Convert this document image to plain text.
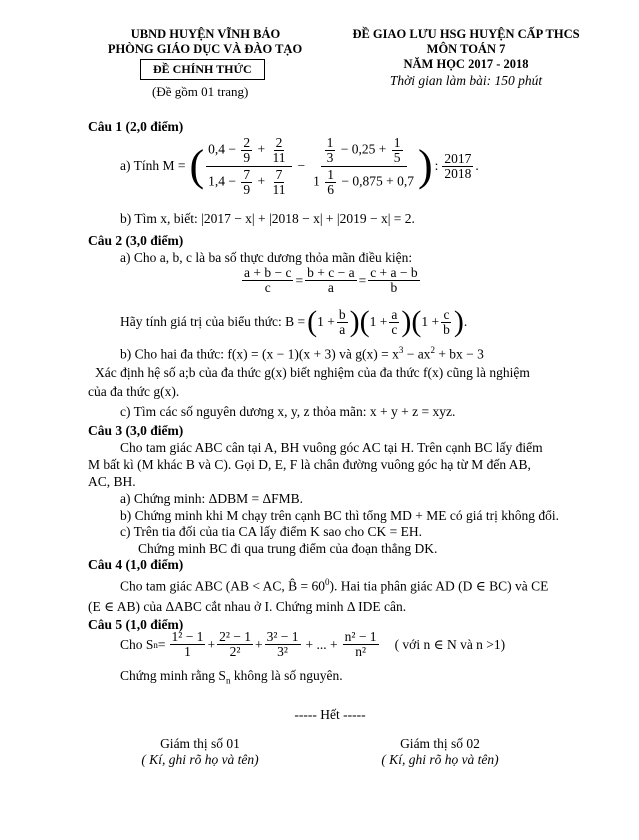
UBND HUYỆN VĨNH BẢO
PHÒNG GIÁO DỤC VÀ ĐÀO TẠO
ĐỀ CHÍNH THỨC
(Đề gồm 01 trang)
ĐỀ GIAO LƯU HSG HUYỆN CẤP THCS
MÔN TOÁN 7
NĂM HỌC 2017 - 2018
Thời gian làm bài: 150 phút
Câu 1 (2,0 điểm)
a) Tính M = ( $\frac{0,4 - \frac{2}{9} + \frac{2}{11}}{1,4 - \frac{7}{9} + \frac{7}{11}} - \frac{\frac{1}{3} - 0,25 + \frac{1}{5}}{1 \frac{1}{6} - 0,875 + 0,7}$ ) : $\frac{2017}{2018}$ .
b) Tìm x, biết: |2017 − x| + |2018 − x| + |2019 − x| = 2.
Câu 2 (3,0 điểm)
a) Cho a, b, c là ba số thực dương thỏa mãn điều kiện:
$\frac{a + b - c}{c} = \frac{b + c - a}{a} = \frac{c + a - b}{b}$
Hãy tính giá trị của biểu thức: B = ( $1 + \frac{b}{a}$ )( $1 + \frac{a}{c}$ )( $1 + \frac{c}{b}$ ) .
b) Cho hai đa thức: f(x) = (x − 1)(x + 3) và $g(x) = x^3 - ax^2$ + bx − 3
Xác định hệ số a;b của đa thức g(x) biết nghiệm của đa thức f(x) cũng là nghiệm
của đa thức g(x).
c) Tìm các số nguyên dương x, y, z thỏa mãn: x + y + z = xyz.
Câu 3 (3,0 điểm)
Cho tam giác ABC cân tại A, BH vuông góc AC tại H. Trên cạnh BC lấy điểm
M bất kì (M khác B và C). Gọi D, E, F là chân đường vuông góc hạ từ M đến AB,
AC, BH.
a) Chứng minh: ΔDBM = ΔFMB.
b) Chứng minh khi M chạy trên cạnh BC thì tổng MD + ME có giá trị không đổi.
c) Trên tia đối của tia CA lấy điểm K sao cho CK = EH.
Chứng minh BC đi qua trung điểm của đoạn thẳng DK.
Câu 4 (1,0 điểm)
Cho tam giác ABC (AB < AC, B̂ = $60^0$). Hai tia phân giác AD (D ∈ BC) và CE
(E ∈ AB) của ΔABC cắt nhau ở I. Chứng minh Δ IDE cân.
Câu 5 (1,0 điểm)
Cho S $n = \frac{\text{1² − 1}}{1} + \frac{\text{2² − 1}}{\text{2²}} + \frac{\text{3² − 1}}{\text{3²}}$ + ... + $\frac{\text{n² − 1}}{\text{n²}}$ ( với n ∈ N và n >1)
Chứng minh rằng $S_n$ không là số nguyên.
----- Hết -----
Giám thị số 01
( Kí, ghi rõ họ và tên)
Giám thị số 02
( Kí, ghi rõ họ và tên)
